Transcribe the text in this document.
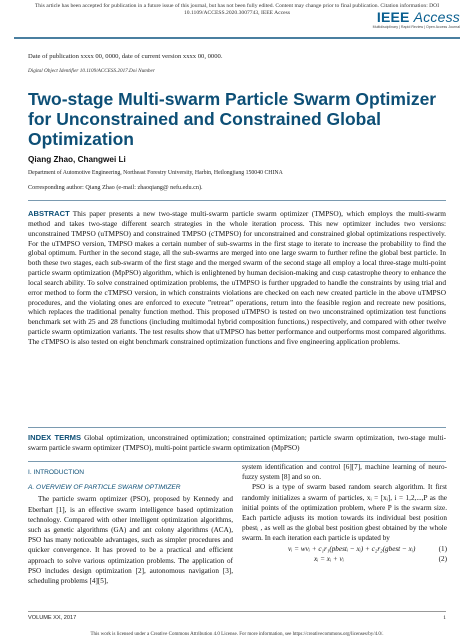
This article has been accepted for publication in a future issue of this journal, but has not been fully edited. Content may change prior to final publication. Citation information: DOI
10.1109/ACCESS.2020.3007743, IEEE Access	IEEE Access
Multidisciplinary | Rapid Review | Open Access Journal
Date of publication xxxx 00, 0000, date of current version xxxx 00, 0000.
Digital Object Identifier 10.1109/ACCESS.2017.Doi Number
Two-stage Multi-swarm Particle Swarm Optimizer for Unconstrained and Constrained Global Optimization
Qiang Zhao, Changwei Li
Department of Automotive Engineering, Northeast Forestry University, Harbin, Heilongjiang 150040 CHINA
Corresponding author: Qiang Zhao (e-mail: zhaoqiang@ nefu.edu.cn).
ABSTRACT This paper presents a new two-stage multi-swarm particle swarm optimizer (TMPSO), which employs the multi-swarm method and takes two-stage different search strategies in the whole iteration process. This new optimizer includes two versions: unconstrained TMPSO (uTMPSO) and constrained TMPSO (cTMPSO) for unconstrained and constrained global optimizations respectively. For the uTMPSO version, TMPSO makes a certain number of sub-swarms in the first stage to iterate to increase the probability to find the global optimum. Further in the second stage, all the sub-swarms are merged into one large swarm to further refine the global best particle. In both these two stages, each sub-swarm of the first stage and the merged swarm of the second stage all employ a local three-stage multi-point particle swarm optimization (MpPSO) algorithm, which is enlightened by human decision-making and cusp catastrophe theory to enhance the local search ability. To solve constrained optimization problems, the uTMPSO is further upgraded to handle the constraints by using trial and error method to form the cTMPSO version, in which constraints violations are checked on each new created particle in the above uTMPSO procedures, and the violating ones are enforced to execute ”retreat” operations, return into the feasible region and recreate new positions, which replaces the traditional penalty function method. This proposed uTMPSO is tested on two unconstrained optimization test functions benchmark set with 25 and 28 functions (including multimodal hybrid composition functions,) respectively, and compared with other twelve particle swarm optimization variants. The test results show that uTMPSO has better performance and outperforms most compared algorithms. The cTMPSO is also tested on eight benchmark constrained optimization functions and five engineering application problems.
INDEX TERMS Global optimization, unconstrained optimization; constrained optimization; particle swarm optimization, two-stage multi-swarm particle swarm optimizer (TMPSO), multi-point particle swarm optimization (MpPSO)
I. INTRODUCTION
A. OVERVIEW OF PARTICLE SWARM OPTIMIZER
The particle swarm optimizer (PSO), proposed by Kennedy and Eberhart [1], is an effective swarm intelligence based optimization technology. Compared with other intelligent optimization algorithms, such as genetic algorithms (GA) and ant colony algorithms (ACA), PSO has many noticeable advantages, such as simpler procedures and quicker convergence. It has proved to be a practical and efficient approach to solve various optimization problems. The application of PSO includes design optimization [2], autonomous navigation [3], scheduling problems [4][5],
system identification and control [6][7], machine learning of neuro-fuzzy system [8] and so on.
PSO is a type of swarm based random search algorithm. It first randomly initializes a swarm of particles, xᵢ = [xᵢ], i = 1,2,...,P as the initial points of the optimization problem, where P is the swarm size. Each particle adjusts its motion towards its individual best position pbestᵢ , as well as the global best position gbest obtained by the whole swarm. In each iteration each particle is updated by
vᵢ = wvᵢ + c₁r₁(pbestᵢ − xᵢ) + c₂r₂(gbest − xᵢ)	(1)
xᵢ = xᵢ + vᵢ	(2)
VOLUME XX, 2017	1
This work is licensed under a Creative Commons Attribution 4.0 License. For more information, see https://creativecommons.org/licenses/by/4.0/.
